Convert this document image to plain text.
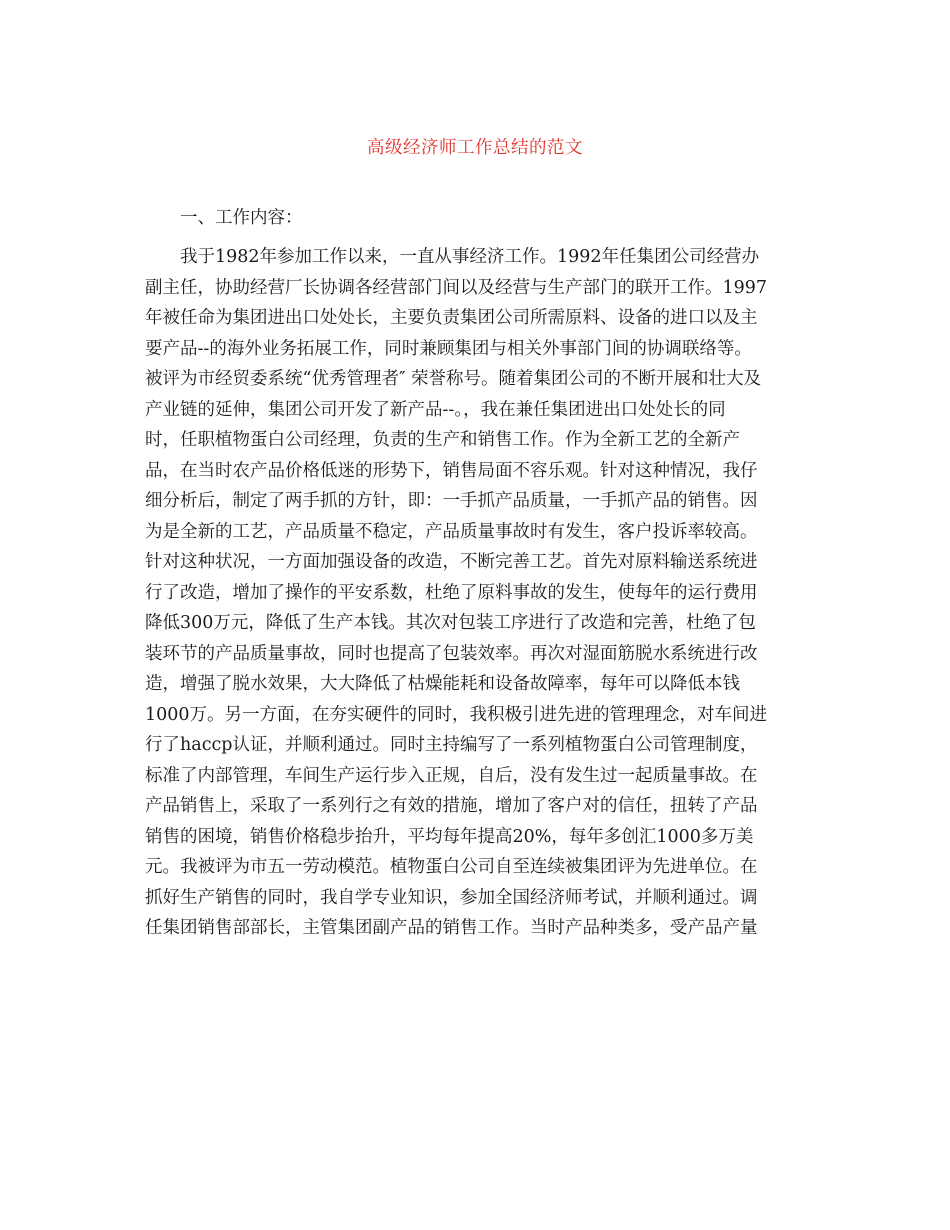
高级经济师工作总结的范文
一、工作内容：
我于1982年参加工作以来，一直从事经济工作。1992年任集团公司经营办
副主任，协助经营厂长协调各经营部门间以及经营与生产部门的联开工作。1997
年被任命为集团进出口处处长，主要负责集团公司所需原料、设备的进口以及主
要产品--的海外业务拓展工作，同时兼顾集团与相关外事部门间的协调联络等。
被评为市经贸委系统“优秀管理者″ 荣誉称号。随着集团公司的不断开展和壮大及
产业链的延伸，集团公司开发了新产品--。，我在兼任集团进出口处处长的同
时，任职植物蛋白公司经理，负责的生产和销售工作。作为全新工艺的全新产
品，在当时农产品价格低迷的形势下，销售局面不容乐观。针对这种情况，我仔
细分析后，制定了两手抓的方针，即：一手抓产品质量，一手抓产品的销售。因
为是全新的工艺，产品质量不稳定，产品质量事故时有发生，客户投诉率较高。
针对这种状况，一方面加强设备的改造，不断完善工艺。首先对原料输送系统进
行了改造，增加了操作的平安系数，杜绝了原料事故的发生，使每年的运行费用
降低300万元，降低了生产本钱。其次对包装工序进行了改造和完善，杜绝了包
装环节的产品质量事故，同时也提高了包装效率。再次对湿面筋脱水系统进行改
造，增强了脱水效果，大大降低了枯燥能耗和设备故障率，每年可以降低本钱
1000万。另一方面，在夯实硬件的同时，我积极引进先进的管理理念，对车间进
行了haccp认证，并顺利通过。同时主持编写了一系列植物蛋白公司管理制度，
标准了内部管理，车间生产运行步入正规，自后，没有发生过一起质量事故。在
产品销售上，采取了一系列行之有效的措施，增加了客户对的信任，扭转了产品
销售的困境，销售价格稳步抬升，平均每年提高20%，每年多创汇1000多万美
元。我被评为市五一劳动模范。植物蛋白公司自至连续被集团评为先进单位。在
抓好生产销售的同时，我自学专业知识，参加全国经济师考试，并顺利通过。调
任集团销售部部长，主管集团副产品的销售工作。当时产品种类多，受产品产量
